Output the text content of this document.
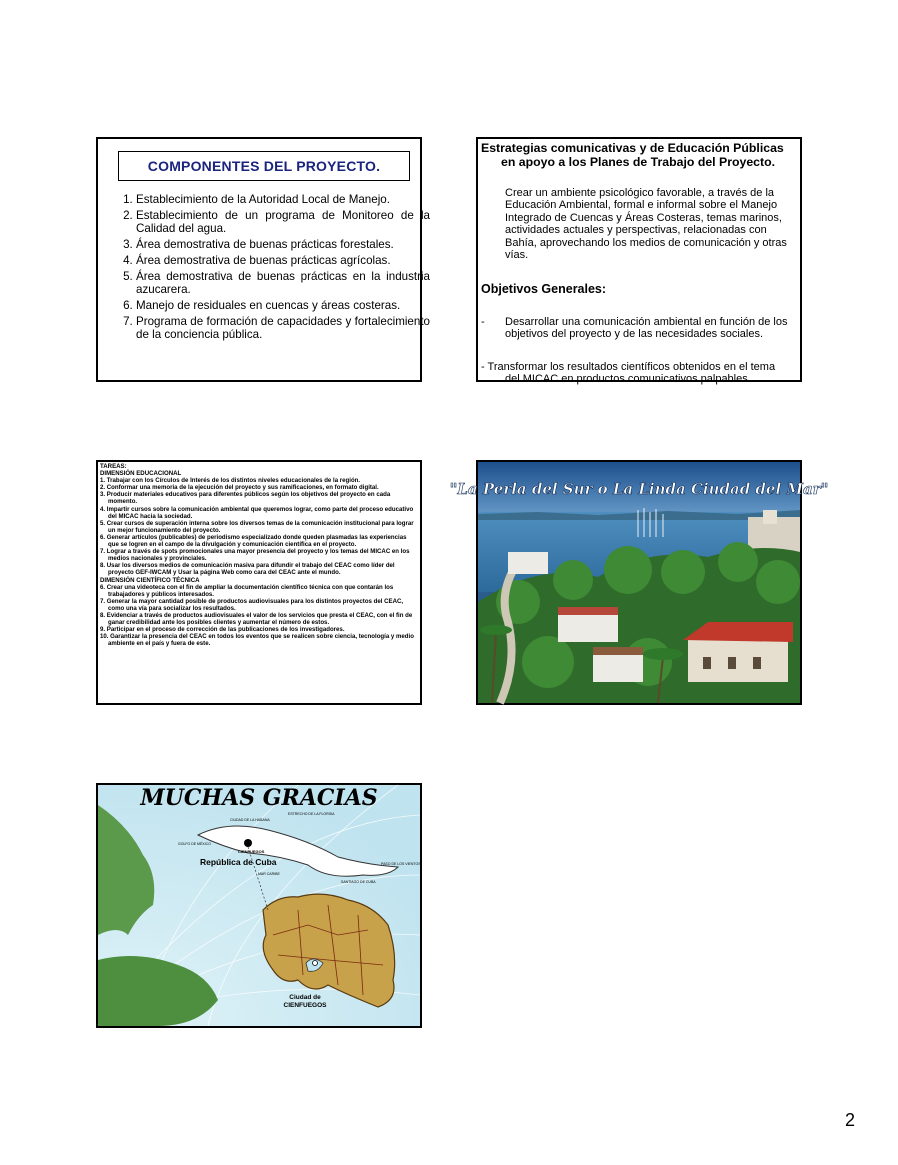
COMPONENTES DEL PROYECTO.
1. Establecimiento de la Autoridad Local de Manejo.
2. Establecimiento de un programa de Monitoreo de la Calidad del agua.
3. Área demostrativa de buenas prácticas forestales.
4. Área demostrativa de buenas prácticas agrícolas.
5. Área demostrativa de buenas prácticas en la industria azucarera.
6. Manejo de residuales en cuencas y áreas costeras.
7. Programa de formación de capacidades y fortalecimiento de la conciencia pública.
Estrategias comunicativas y de Educación Públicas
en apoyo a los Planes de Trabajo del Proyecto.
Crear un ambiente psicológico favorable, a través de la Educación Ambiental, formal e informal sobre el Manejo Integrado de Cuencas y Áreas Costeras, temas marinos, actividades actuales y perspectivas, relacionadas con Bahía, aprovechando los medios de comunicación y otras vías.
Objetivos Generales:
- Desarrollar una comunicación ambiental en función de los objetivos del proyecto y de las necesidades sociales.
- Transformar los resultados científicos obtenidos en el tema
del MICAC en productos comunicativos palpables.
TAREAS:
DIMENSIÓN EDUCACIONAL
1. Trabajar con los Círculos de Interés de los distintos niveles educacionales de la región.
2. Conformar una memoria de la ejecución del proyecto y sus ramificaciones, en formato digital.
3. Producir materiales educativos para diferentes públicos según los objetivos del proyecto en cada momento.
4. Impartir cursos sobre la comunicación ambiental que queremos lograr, como parte del proceso educativo del MICAC hacia la sociedad.
5. Crear cursos de superación interna sobre los diversos temas de la comunicación institucional para lograr un mejor funcionamiento del proyecto.
6. Generar artículos (publicables) de periodismo especializado donde queden plasmadas las experiencias que se logren en el campo de la divulgación y comunicación científica en el proyecto.
7. Lograr a través de spots promocionales una mayor presencia del proyecto y los temas del MICAC en los medios nacionales y provinciales.
8. Usar los diversos medios de comunicación masiva para difundir el trabajo del CEAC como líder del proyecto GEF-IWCAM y Usar la página Web como cara del CEAC ante el mundo.
DIMENSIÓN CIENTÍFICO TÉCNICA
6. Crear una videoteca con el fin de ampliar la documentación científico técnica con que contarán los trabajadores y públicos interesados.
7. Generar la mayor cantidad posible de productos audiovisuales para los distintos proyectos del CEAC, como una vía para socializar los resultados.
8. Evidenciar a través de productos audiovisuales el valor de los servicios que presta el CEAC, con el fin de ganar credibilidad ante los posibles clientes y aumentar el número de estos.
9. Participar en el proceso de corrección de las publicaciones de los investigadores.
10. Garantizar la presencia del CEAC en todos los eventos que se realicen sobre ciencia, tecnología y medio ambiente en el país y fuera de este.
"La Perla del Sur o La Linda Ciudad del Mar"
MUCHAS GRACIAS
República de Cuba
ESTRECHO DE LA FLORIDA
CIUDAD DE LA HABANA
GOLFO DE MÉXICO
CIENFUEGOS
MAR CARIBE
SANTIAGO DE CUBA
PASO DE LOS VIENTOS
Ciudad de
CIENFUEGOS
2
